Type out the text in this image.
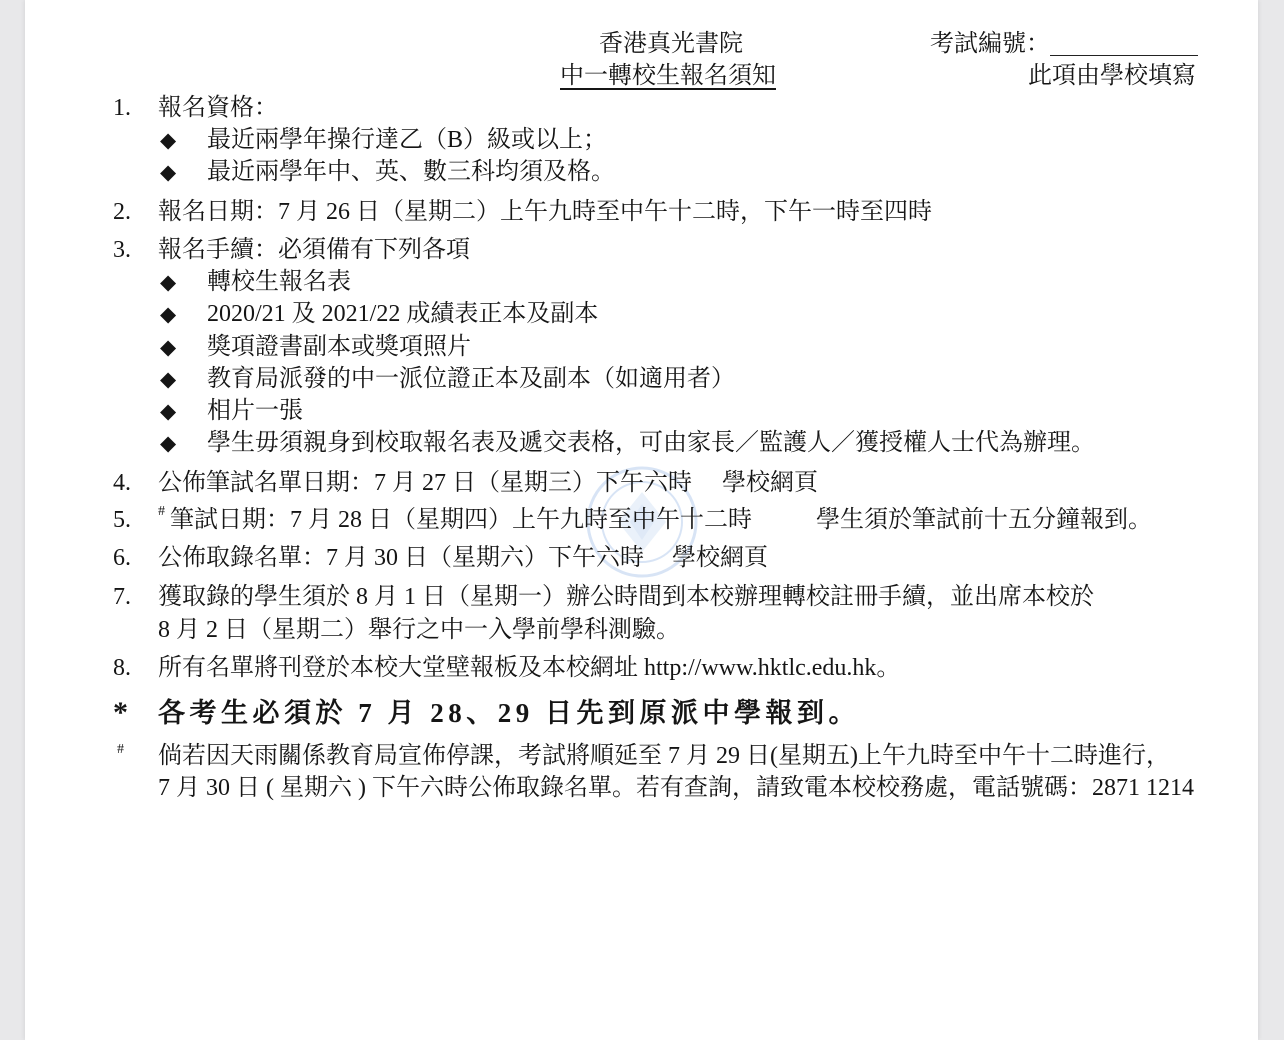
香港真光書院
中一轉校生報名須知
考試編號：
此項由學校填寫
1.	報名資格：
◆	最近兩學年操行達乙（B）級或以上；
◆	最近兩學年中、英、數三科均須及格。
2.	報名日期：7 月 26 日（星期二）上午九時至中午十二時，下午一時至四時
3.	報名手續：必須備有下列各項
◆	轉校生報名表
◆	2020/21 及 2021/22 成績表正本及副本
◆	獎項證書副本或獎項照片
◆	教育局派發的中一派位證正本及副本（如適用者）
◆	相片一張
◆	學生毋須親身到校取報名表及遞交表格，可由家長／監護人／獲授權人士代為辦理。
4.	公佈筆試名單日期：7 月 27 日（星期三）下午六時 學校網頁
5.	# 筆試日期：7 月 28 日（星期四）上午九時至中午十二時	學生須於筆試前十五分鐘報到。
6.	公佈取錄名單：7 月 30 日（星期六）下午六時 學校網頁
7.	獲取錄的學生須於 8 月 1 日（星期一）辦公時間到本校辦理轉校註冊手續，並出席本校於
8 月 2 日（星期二）舉行之中一入學前學科測驗。
8.	所有名單將刊登於本校大堂壁報板及本校網址 http://www.hktlc.edu.hk。
*	各考生必須於 7 月 28、29 日先到原派中學報到。
#	倘若因天雨關係教育局宣佈停課，考試將順延至 7 月 29 日(星期五)上午九時至中午十二時進行，
7 月 30 日 ( 星期六 ) 下午六時公佈取錄名單。若有查詢，請致電本校校務處，電話號碼：2871 1214
